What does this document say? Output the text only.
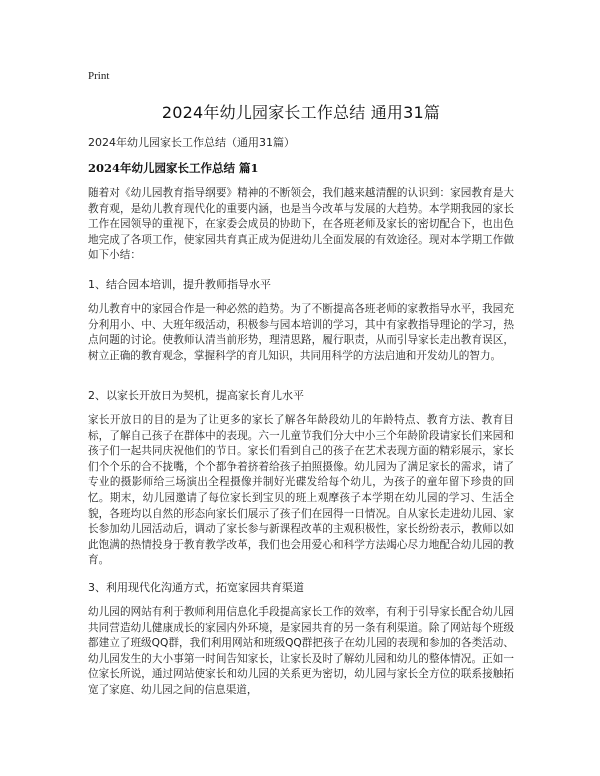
Print
2024年幼儿园家长工作总结 通用31篇
2024年幼儿园家长工作总结（通用31篇）
2024年幼儿园家长工作总结 篇1

随着对《幼儿园教育指导纲要》精神的不断领会，我们越来越清醒的认识到：家园教育是大教育观，是幼儿教育现代化的重要内涵，也是当今改革与发展的大趋势。本学期我园的家长工作在园领导的重视下，在家委会成员的协助下，在各班老师及家长的密切配合下，也出色地完成了各项工作，使家园共育真正成为促进幼儿全面发展的有效途径。现对本学期工作做如下小结：

1、结合园本培训，提升教师指导水平

幼儿教育中的家园合作是一种必然的趋势。为了不断提高各班老师的家教指导水平，我园充分利用小、中、大班年级活动，积极参与园本培训的学习，其中有家教指导理论的学习，热点问题的讨论。使教师认清当前形势，理清思路，履行职责，从而引导家长走出教育误区，树立正确的教育观念，掌握科学的育儿知识，共同用科学的方法启迪和开发幼儿的智力。

2、以家长开放日为契机，提高家长育儿水平

家长开放日的目的是为了让更多的家长了解各年龄段幼儿的年龄特点、教育方法、教育目标，了解自己孩子在群体中的表现。六一儿童节我们分大中小三个年龄阶段请家长们来园和孩子们一起共同庆祝他们的节日。家长们看到自己的孩子在艺术表现方面的精彩展示，家长们个个乐的合不拢嘴，个个都争着挤着给孩子拍照摄像。幼儿园为了满足家长的需求，请了专业的摄影师给三场演出全程摄像并制好光碟发给每个幼儿，为孩子的童年留下珍贵的回忆。期末，幼儿园邀请了每位家长到宝贝的班上观摩孩子本学期在幼儿园的学习、生活全貌，各班均以自然的形态向家长们展示了孩子们在园得一日情况。自从家长走进幼儿园、家长参加幼儿园活动后，调动了家长参与新课程改革的主观积极性，家长纷纷表示，教师以如此饱满的热情投身于教育教学改革，我们也会用爱心和科学方法竭心尽力地配合幼儿园的教育。

3、利用现代化沟通方式，拓宽家园共育渠道

幼儿园的网站有利于教师利用信息化手段提高家长工作的效率，有利于引导家长配合幼儿园共同营造幼儿健康成长的家园内外环境，是家园共育的另一条有利渠道。除了网站每个班级都建立了班级QQ群，我们利用网站和班级QQ群把孩子在幼儿园的表现和参加的各类活动、幼儿园发生的大小事第一时间告知家长，让家长及时了解幼儿园和幼儿的整体情况。正如一位家长所说，通过网站使家长和幼儿园的关系更为密切，幼儿园与家长全方位的联系接触拓宽了家庭、幼儿园之间的信息渠道，
